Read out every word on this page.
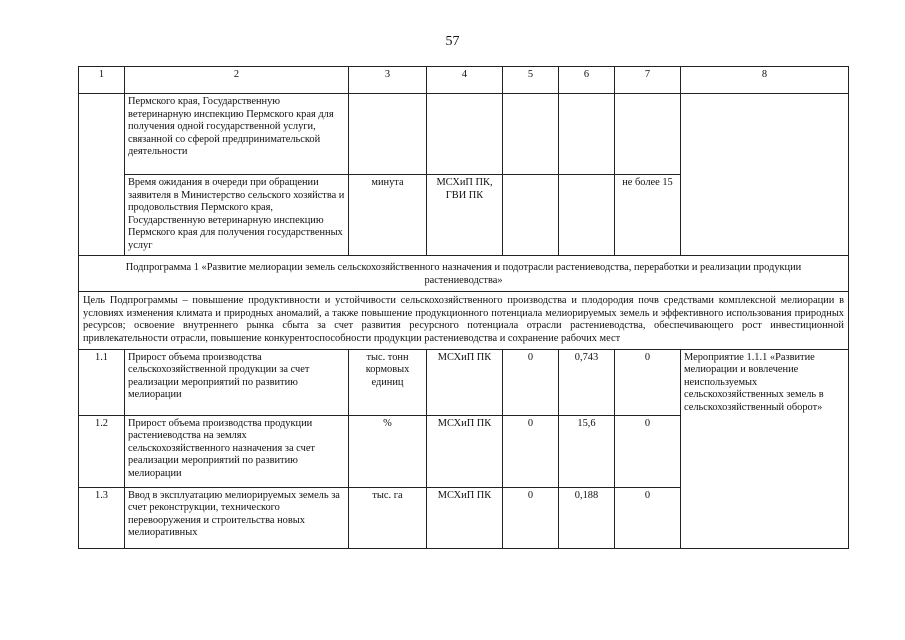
57
1	2	3	4	5	6	7	8
	Пермского края, Государственную ветеринарную инспекцию Пермского края для получения одной государственной услуги, связанной со сферой предпринимательской деятельности						
	Время ожидания в очереди при обращении заявителя в Министерство сельского хозяйства и продовольствия Пермского края, Государственную ветеринарную инспекцию Пермского края для получения государственных услуг	минута	МСХиП ПК, ГВИ ПК			не более 15	
Подпрограмма 1 «Развитие мелиорации земель сельскохозяйственного назначения и подотрасли растениеводства, переработки и реализации продукции растениеводства»							
Цель Подпрограммы – повышение продуктивности и устойчивости сельскохозяйственного производства и плодородия почв средствами комплексной мелиорации в условиях изменения климата и природных аномалий, а также повышение продукционного потенциала мелиорируемых земель и эффективного использования природных ресурсов; освоение внутреннего рынка сбыта за счет развития ресурсного потенциала отрасли растениеводства, обеспечивающего рост инвестиционной привлекательности отрасли, повышение конкурентоспособности продукции растениеводства и сохранение рабочих мест							
1.1	Прирост объема производства сельскохозяйственной продукции за счет реализации мероприятий по развитию мелиорации	тыс. тонн кормовых единиц	МСХиП ПК	0	0,743	0	Мероприятие 1.1.1 «Развитие мелиорации и вовлечение неиспользуемых сельскохозяйственных земель в сельскохозяйственный оборот»
1.2	Прирост объема производства продукции растениеводства на землях сельскохозяйственного назначения за счет реализации мероприятий по развитию мелиорации	%	МСХиП ПК	0	15,6	0	
1.3	Ввод в эксплуатацию мелиорируемых земель за счет реконструкции, технического перевооружения и строительства новых мелиоративных	тыс. га	МСХиП ПК	0	0,188	0	
